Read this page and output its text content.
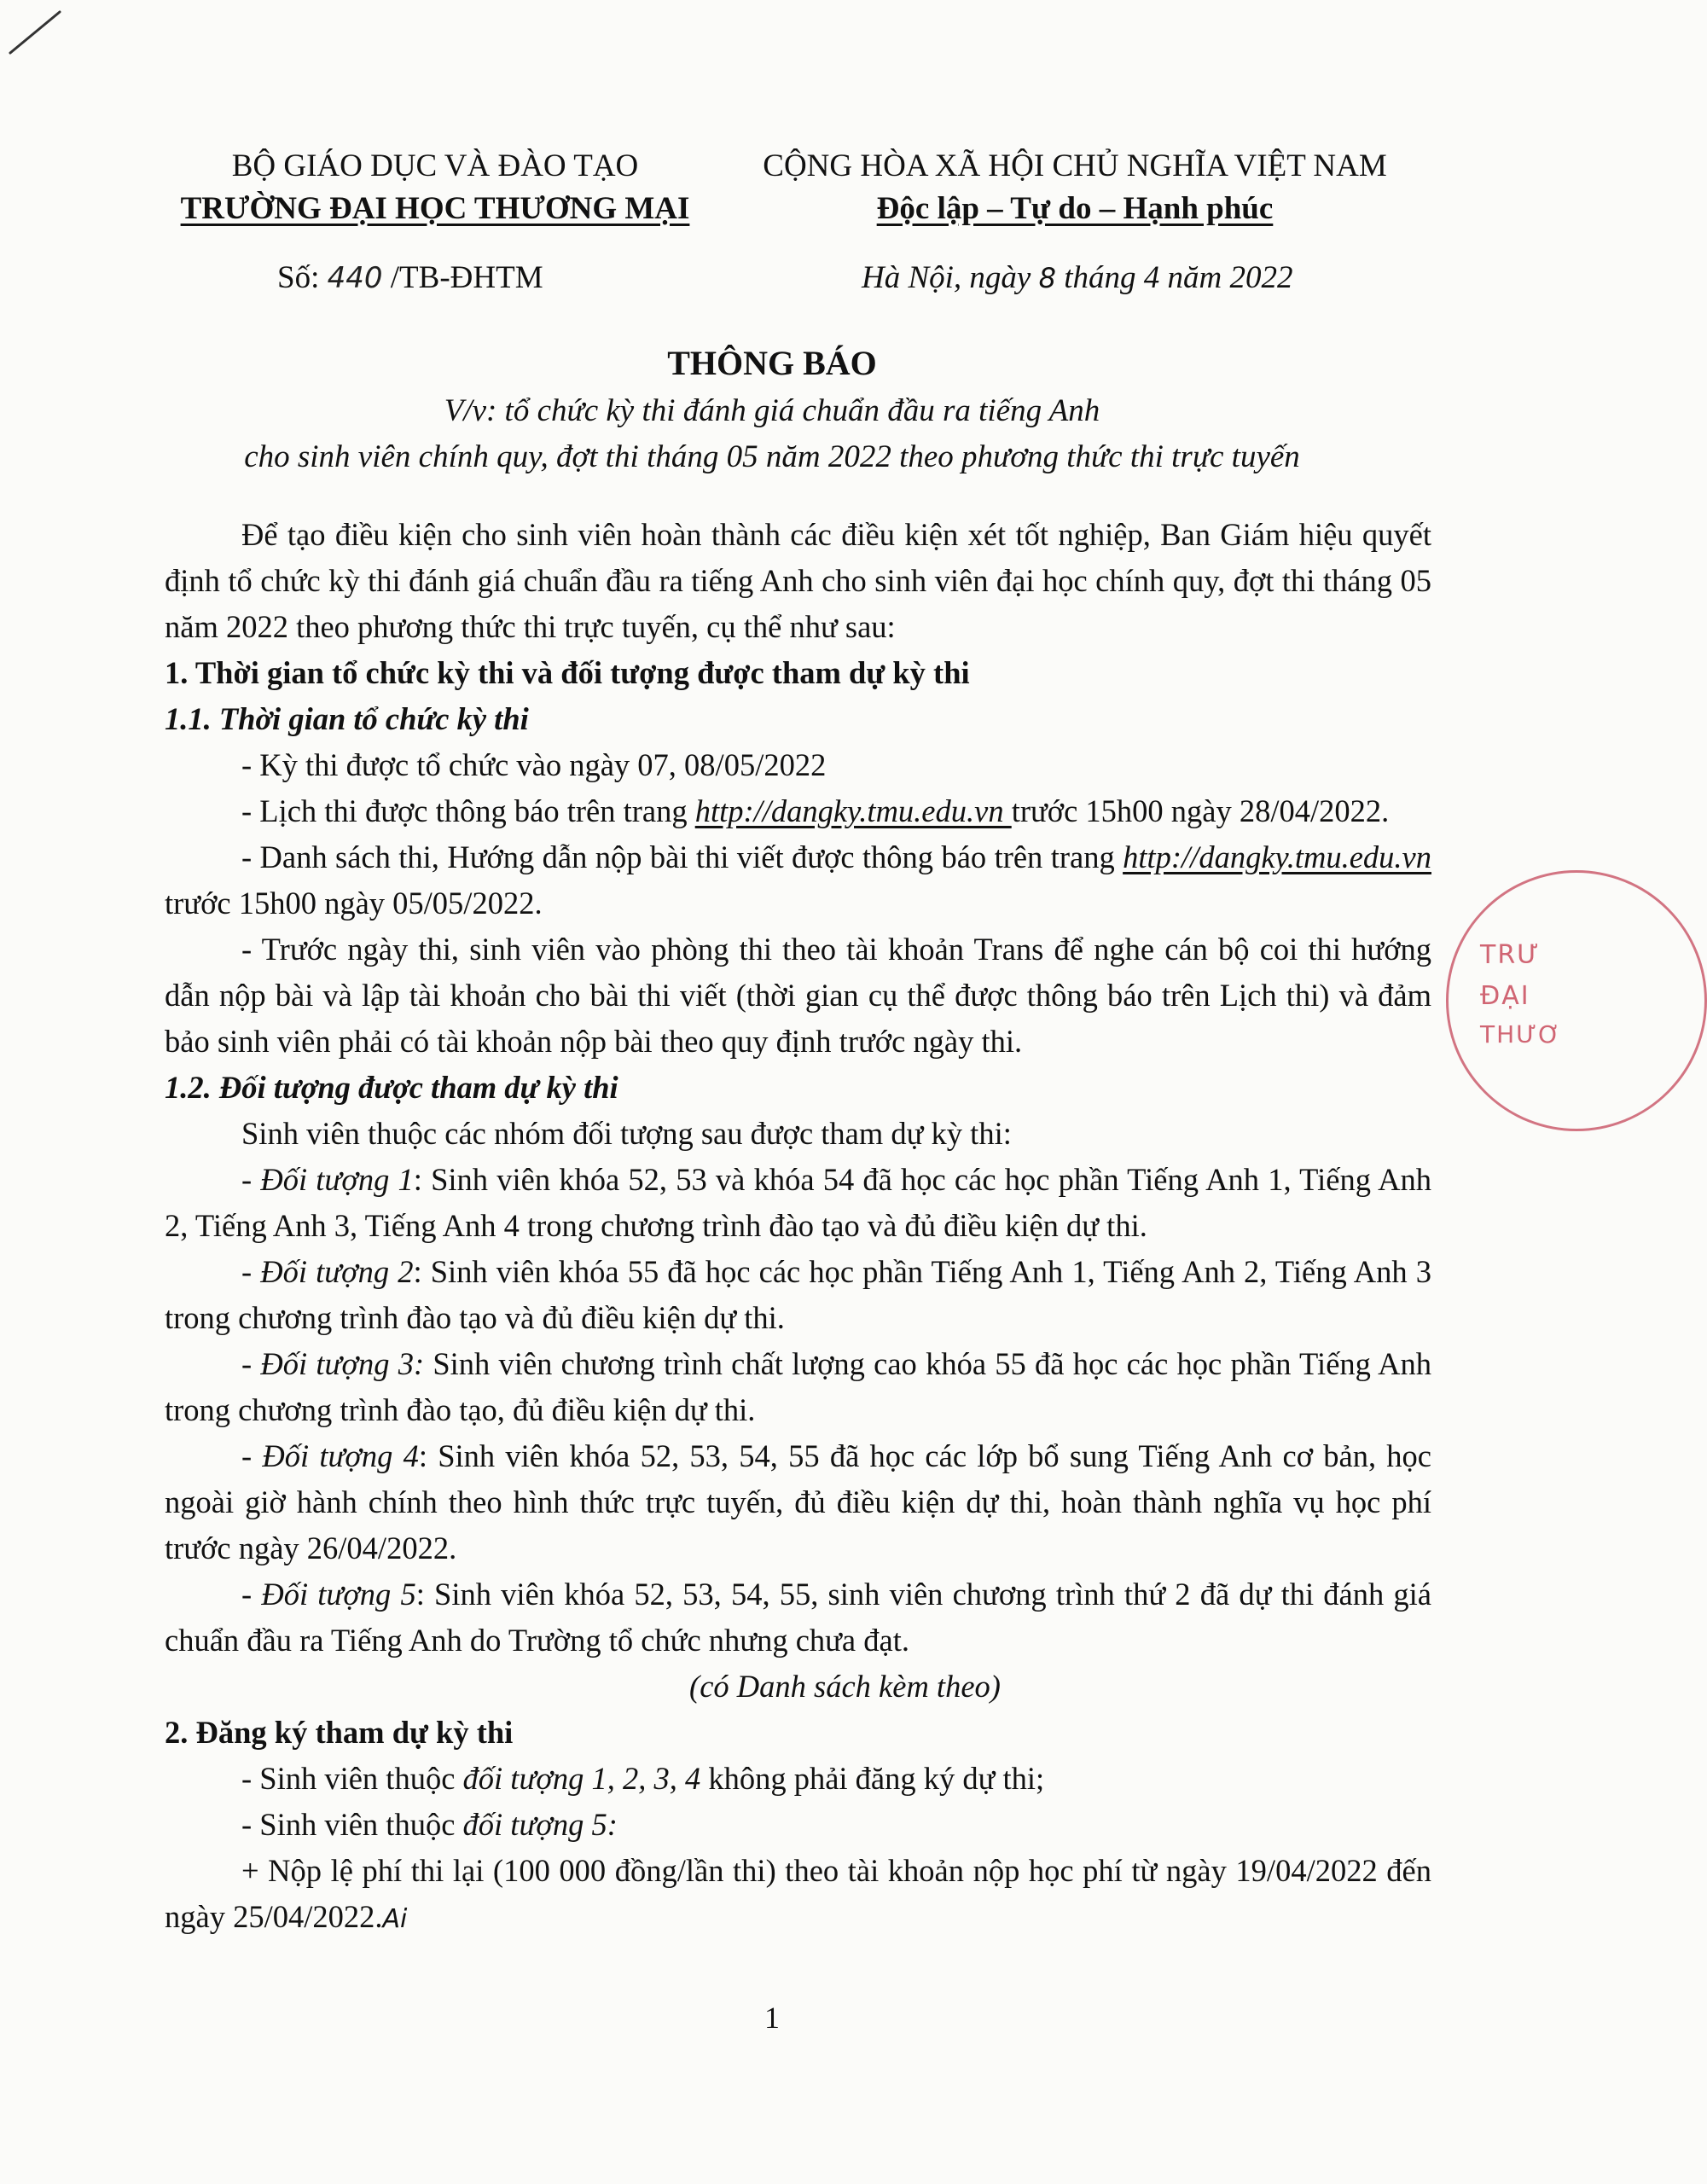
BỘ GIÁO DỤC VÀ ĐÀO TẠO
TRƯỜNG ĐẠI HỌC THƯƠNG MẠI
CỘNG HÒA XÃ HỘI CHỦ NGHĨA VIỆT NAM
Độc lập – Tự do – Hạnh phúc
Số: 440 /TB-ĐHTM	Hà Nội, ngày 8 tháng 4 năm 2022
THÔNG BÁO
V/v: tổ chức kỳ thi đánh giá chuẩn đầu ra tiếng Anh
cho sinh viên chính quy, đợt thi tháng 05 năm 2022 theo phương thức thi trực tuyến

Để tạo điều kiện cho sinh viên hoàn thành các điều kiện xét tốt nghiệp, Ban Giám hiệu quyết định tổ chức kỳ thi đánh giá chuẩn đầu ra tiếng Anh cho sinh viên đại học chính quy, đợt thi tháng 05 năm 2022 theo phương thức thi trực tuyến, cụ thể như sau:

1. Thời gian tổ chức kỳ thi và đối tượng được tham dự kỳ thi

1.1. Thời gian tổ chức kỳ thi

- Kỳ thi được tổ chức vào ngày 07, 08/05/2022

- Lịch thi được thông báo trên trang http://dangky.tmu.edu.vn trước 15h00 ngày 28/04/2022.

- Danh sách thi, Hướng dẫn nộp bài thi viết được thông báo trên trang http://dangky.tmu.edu.vn trước 15h00 ngày 05/05/2022.

- Trước ngày thi, sinh viên vào phòng thi theo tài khoản Trans để nghe cán bộ coi thi hướng dẫn nộp bài và lập tài khoản cho bài thi viết (thời gian cụ thể được thông báo trên Lịch thi) và đảm bảo sinh viên phải có tài khoản nộp bài theo quy định trước ngày thi.

1.2. Đối tượng được tham dự kỳ thi

Sinh viên thuộc các nhóm đối tượng sau được tham dự kỳ thi:

- Đối tượng 1: Sinh viên khóa 52, 53 và khóa 54 đã học các học phần Tiếng Anh 1, Tiếng Anh 2, Tiếng Anh 3, Tiếng Anh 4 trong chương trình đào tạo và đủ điều kiện dự thi.

- Đối tượng 2: Sinh viên khóa 55 đã học các học phần Tiếng Anh 1, Tiếng Anh 2, Tiếng Anh 3 trong chương trình đào tạo và đủ điều kiện dự thi.

- Đối tượng 3: Sinh viên chương trình chất lượng cao khóa 55 đã học các học phần Tiếng Anh trong chương trình đào tạo, đủ điều kiện dự thi.

- Đối tượng 4: Sinh viên khóa 52, 53, 54, 55 đã học các lớp bổ sung Tiếng Anh cơ bản, học ngoài giờ hành chính theo hình thức trực tuyến, đủ điều kiện dự thi, hoàn thành nghĩa vụ học phí trước ngày 26/04/2022.

- Đối tượng 5: Sinh viên khóa 52, 53, 54, 55, sinh viên chương trình thứ 2 đã dự thi đánh giá chuẩn đầu ra Tiếng Anh do Trường tổ chức nhưng chưa đạt.

(có Danh sách kèm theo)

2. Đăng ký tham dự kỳ thi

- Sinh viên thuộc đối tượng 1, 2, 3, 4 không phải đăng ký dự thi;

- Sinh viên thuộc đối tượng 5:

+ Nộp lệ phí thi lại (100 000 đồng/lần thi) theo tài khoản nộp học phí từ ngày 19/04/2022 đến ngày 25/04/2022.Ai

TRƯ
ĐẠI
THƯƠ
1
